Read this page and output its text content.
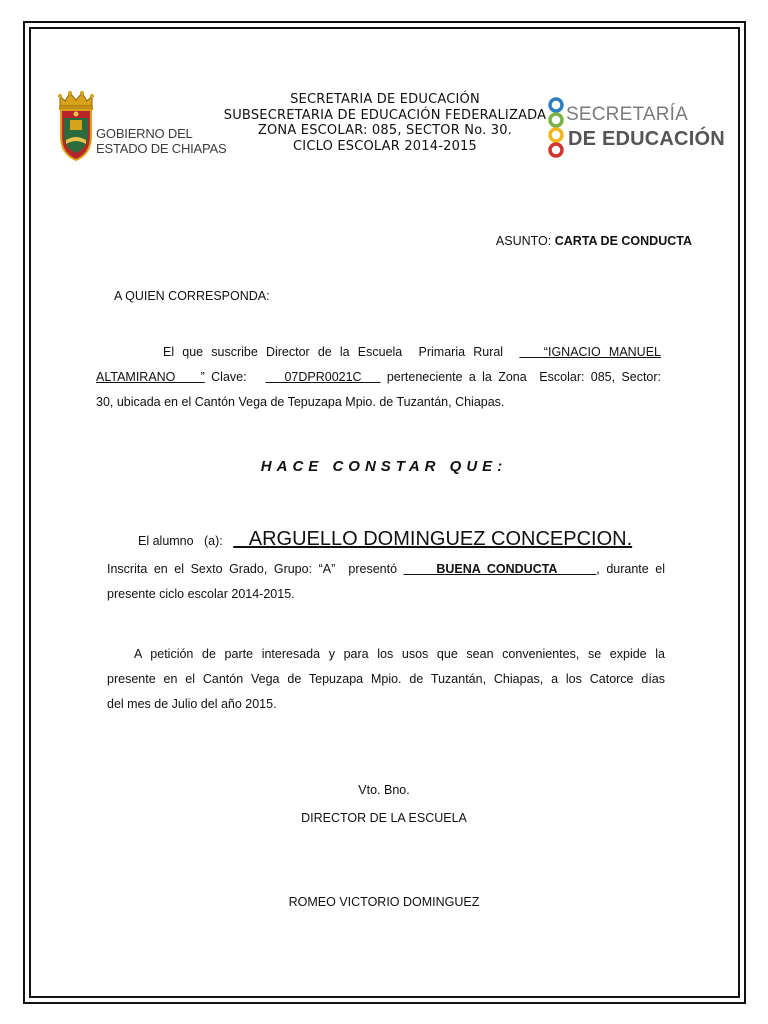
GOBIERNO DEL
ESTADO DE CHIAPAS
SECRETARÍA
DE EDUCACIÓN
SECRETARIA DE EDUCACIÓN
SUBSECRETARIA DE EDUCACIÓN FEDERALIZADA
ZONA ESCOLAR: 085, SECTOR No. 30.
CICLO ESCOLAR 2014-2015
ASUNTO: CARTA DE CONDUCTA
A QUIEN CORRESPONDA:
El que suscribe Director de la Escuela  Primaria Rural     “IGNACIO MANUEL
ALTAMIRANO    ” Clave:      07DPR0021C    perteneciente a la Zona  Escolar: 085, Sector:
30, ubicada en el Cantón Vega de Tepuzapa Mpio. de Tuzantán, Chiapas.
HACE CONSTAR QUE:
El alumno   (a):      ARGUELLO DOMINGUEZ CONCEPCION.
Inscrita en el Sexto Grado, Grupo: “A”  presentó      BUENA CONDUCTA      , durante el
presente ciclo escolar 2014-2015.
A petición de parte interesada y para los usos que sean convenientes, se expide la
presente en el Cantón Vega de Tepuzapa Mpio. de Tuzantán, Chiapas, a los Catorce días
del mes de Julio del año 2015.
Vto. Bno.
DIRECTOR DE LA ESCUELA
ROMEO VICTORIO DOMINGUEZ
